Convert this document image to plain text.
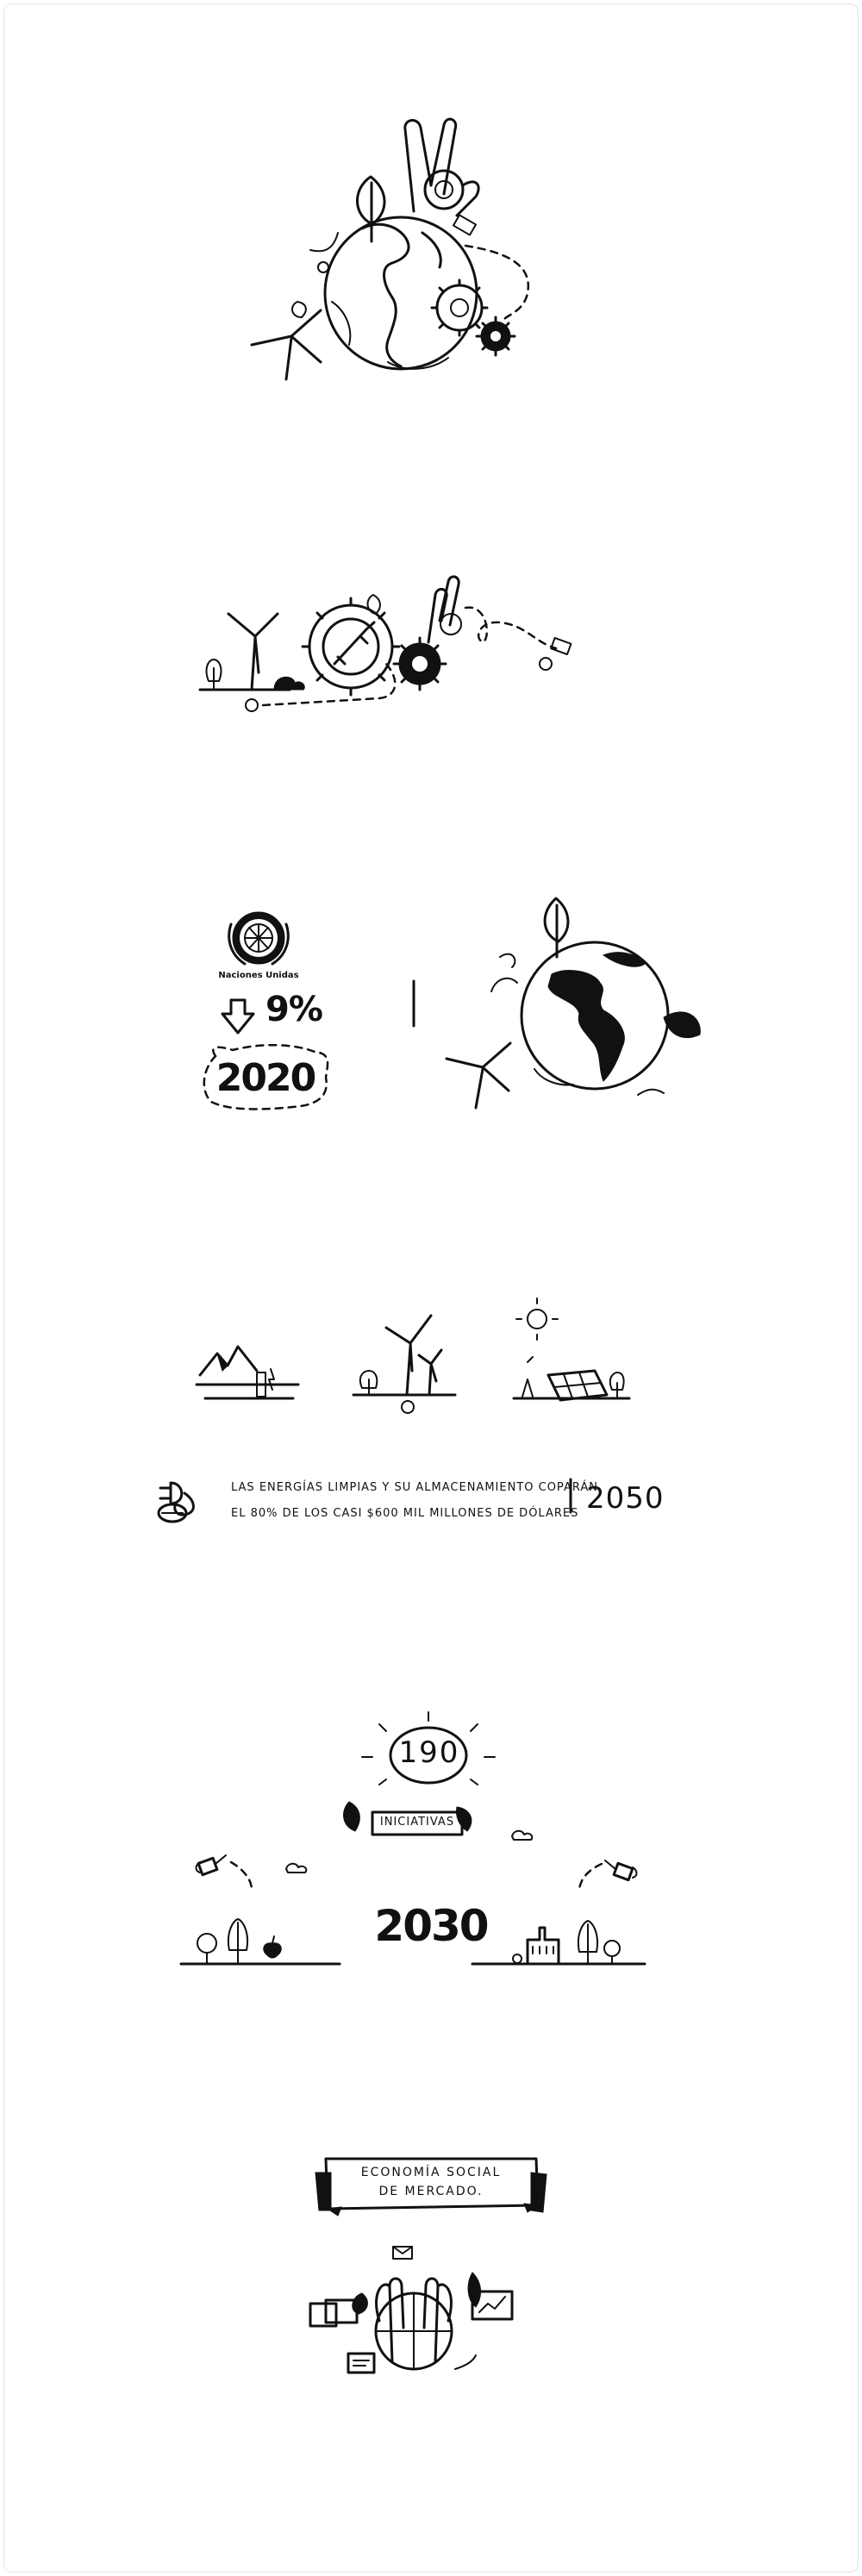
Naciones Unidas
9%
2020
LAS ENERGÍAS LIMPIAS Y SU ALMACENAMIENTO COPARÁN
EL 80% DE LOS CASI $600 MIL MILLONES DE DÓLARES 2050
190
INICIATIVAS
2030
ECONOMÍA SOCIAL
DE MERCADO.
